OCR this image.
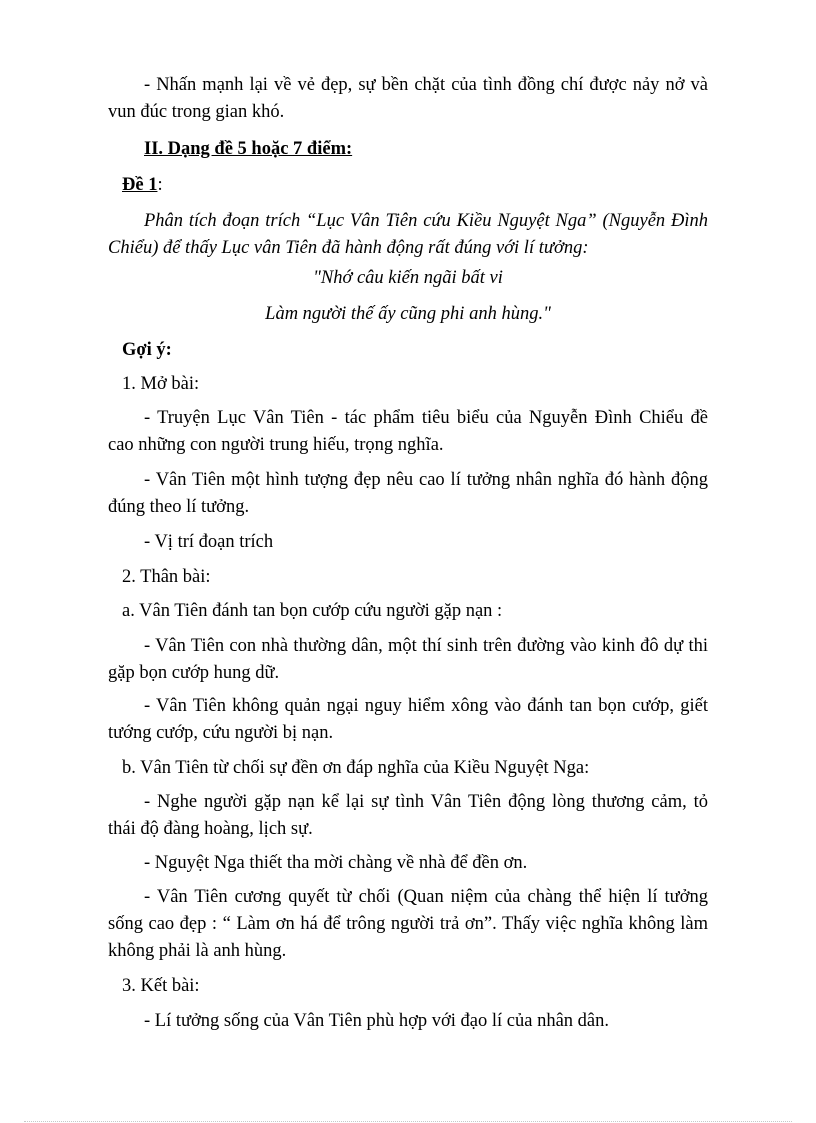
- Nhấn mạnh lại về vẻ đẹp, sự bền chặt của tình đồng chí được nảy nở và
vun đúc trong gian khó.
II. Dạng đề 5 hoặc 7 điểm:
Đề 1:
Phân tích đoạn trích “Lục Vân Tiên cứu Kiều Nguyệt Nga” (Nguyễn Đình
Chiểu) để thấy Lục vân Tiên đã hành động rất đúng với lí tưởng:
"Nhớ câu kiến ngãi bất vi
Làm người thế ấy cũng phi anh hùng."
Gợi ý:
1. Mở bài:
- Truyện Lục Vân Tiên - tác phẩm tiêu biểu của Nguyễn Đình Chiểu đề
cao những con người trung hiếu, trọng nghĩa.
- Vân Tiên một hình tượng đẹp nêu cao lí tưởng nhân nghĩa đó hành động
đúng theo lí tưởng.
- Vị trí đoạn trích
2. Thân bài:
a. Vân Tiên đánh tan bọn cướp cứu người gặp nạn :
- Vân Tiên con nhà thường dân, một thí sinh trên đường vào kinh đô dự thi
gặp bọn cướp hung dữ.
- Vân Tiên không quản ngại nguy hiểm xông vào đánh tan bọn cướp, giết
tướng cướp, cứu người bị nạn.
b. Vân Tiên từ chối sự đền ơn đáp nghĩa của Kiều Nguyệt Nga:
- Nghe người gặp nạn kể lại sự tình Vân Tiên động lòng thương cảm, tỏ
thái độ đàng hoàng, lịch sự.
- Nguyệt Nga thiết tha mời chàng về nhà để đền ơn.
- Vân Tiên cương quyết từ chối (Quan niệm của chàng thể hiện lí tưởng
sống cao đẹp : “ Làm ơn há để trông người trả ơn”. Thấy việc nghĩa không làm
không phải là anh hùng.
3. Kết bài:
- Lí tưởng sống của Vân Tiên phù hợp với đạo lí của nhân dân.
